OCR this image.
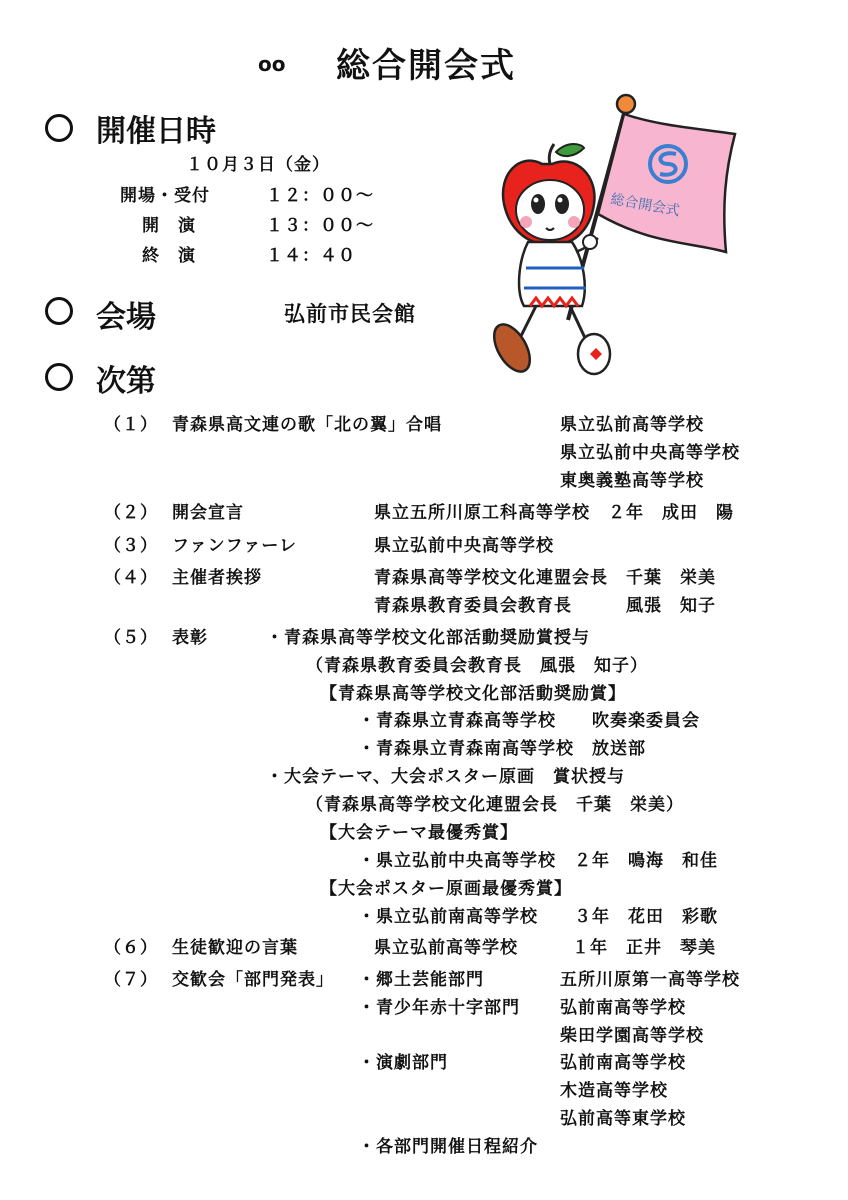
oo 総合開会式
開催日時
１０月３日（金）
開場・受付	１２：００～
開　演	１３：００～
終　演	１４：４０
会場	弘前市民会館
次第
（１） 青森県高文連の歌「北の翼」合唱	県立弘前高等学校
県立弘前中央高等学校
東奥義塾高等学校
（２） 開会宣言	県立五所川原工科高等学校　２年　成田　陽
（３） ファンファーレ	県立弘前中央高等学校
（４） 主催者挨拶	青森県高等学校文化連盟会長　千葉　栄美
青森県教育委員会教育長　　　風張　知子
（５） 表彰	・青森県高等学校文化部活動奨励賞授与
（青森県教育委員会教育長　風張　知子）
【青森県高等学校文化部活動奨励賞】
・青森県立青森高等学校　　吹奏楽委員会
・青森県立青森南高等学校　放送部
・大会テーマ、大会ポスター原画　賞状授与
（青森県高等学校文化連盟会長　千葉　栄美）
【大会テーマ最優秀賞】
・県立弘前中央高等学校　２年　鳴海　和佳
【大会ポスター原画最優秀賞】
・県立弘前南高等学校　　３年　花田　彩歌
（６） 生徒歓迎の言葉	県立弘前高等学校　　　１年　正井　琴美
（７） 交歓会「部門発表」 ・郷土芸能部門	五所川原第一高等学校
・青少年赤十字部門 弘前南高等学校
柴田学園高等学校
・演劇部門	弘前南高等学校
木造高等学校
弘前高等東学校
・各部門開催日程紹介
総合開会式
